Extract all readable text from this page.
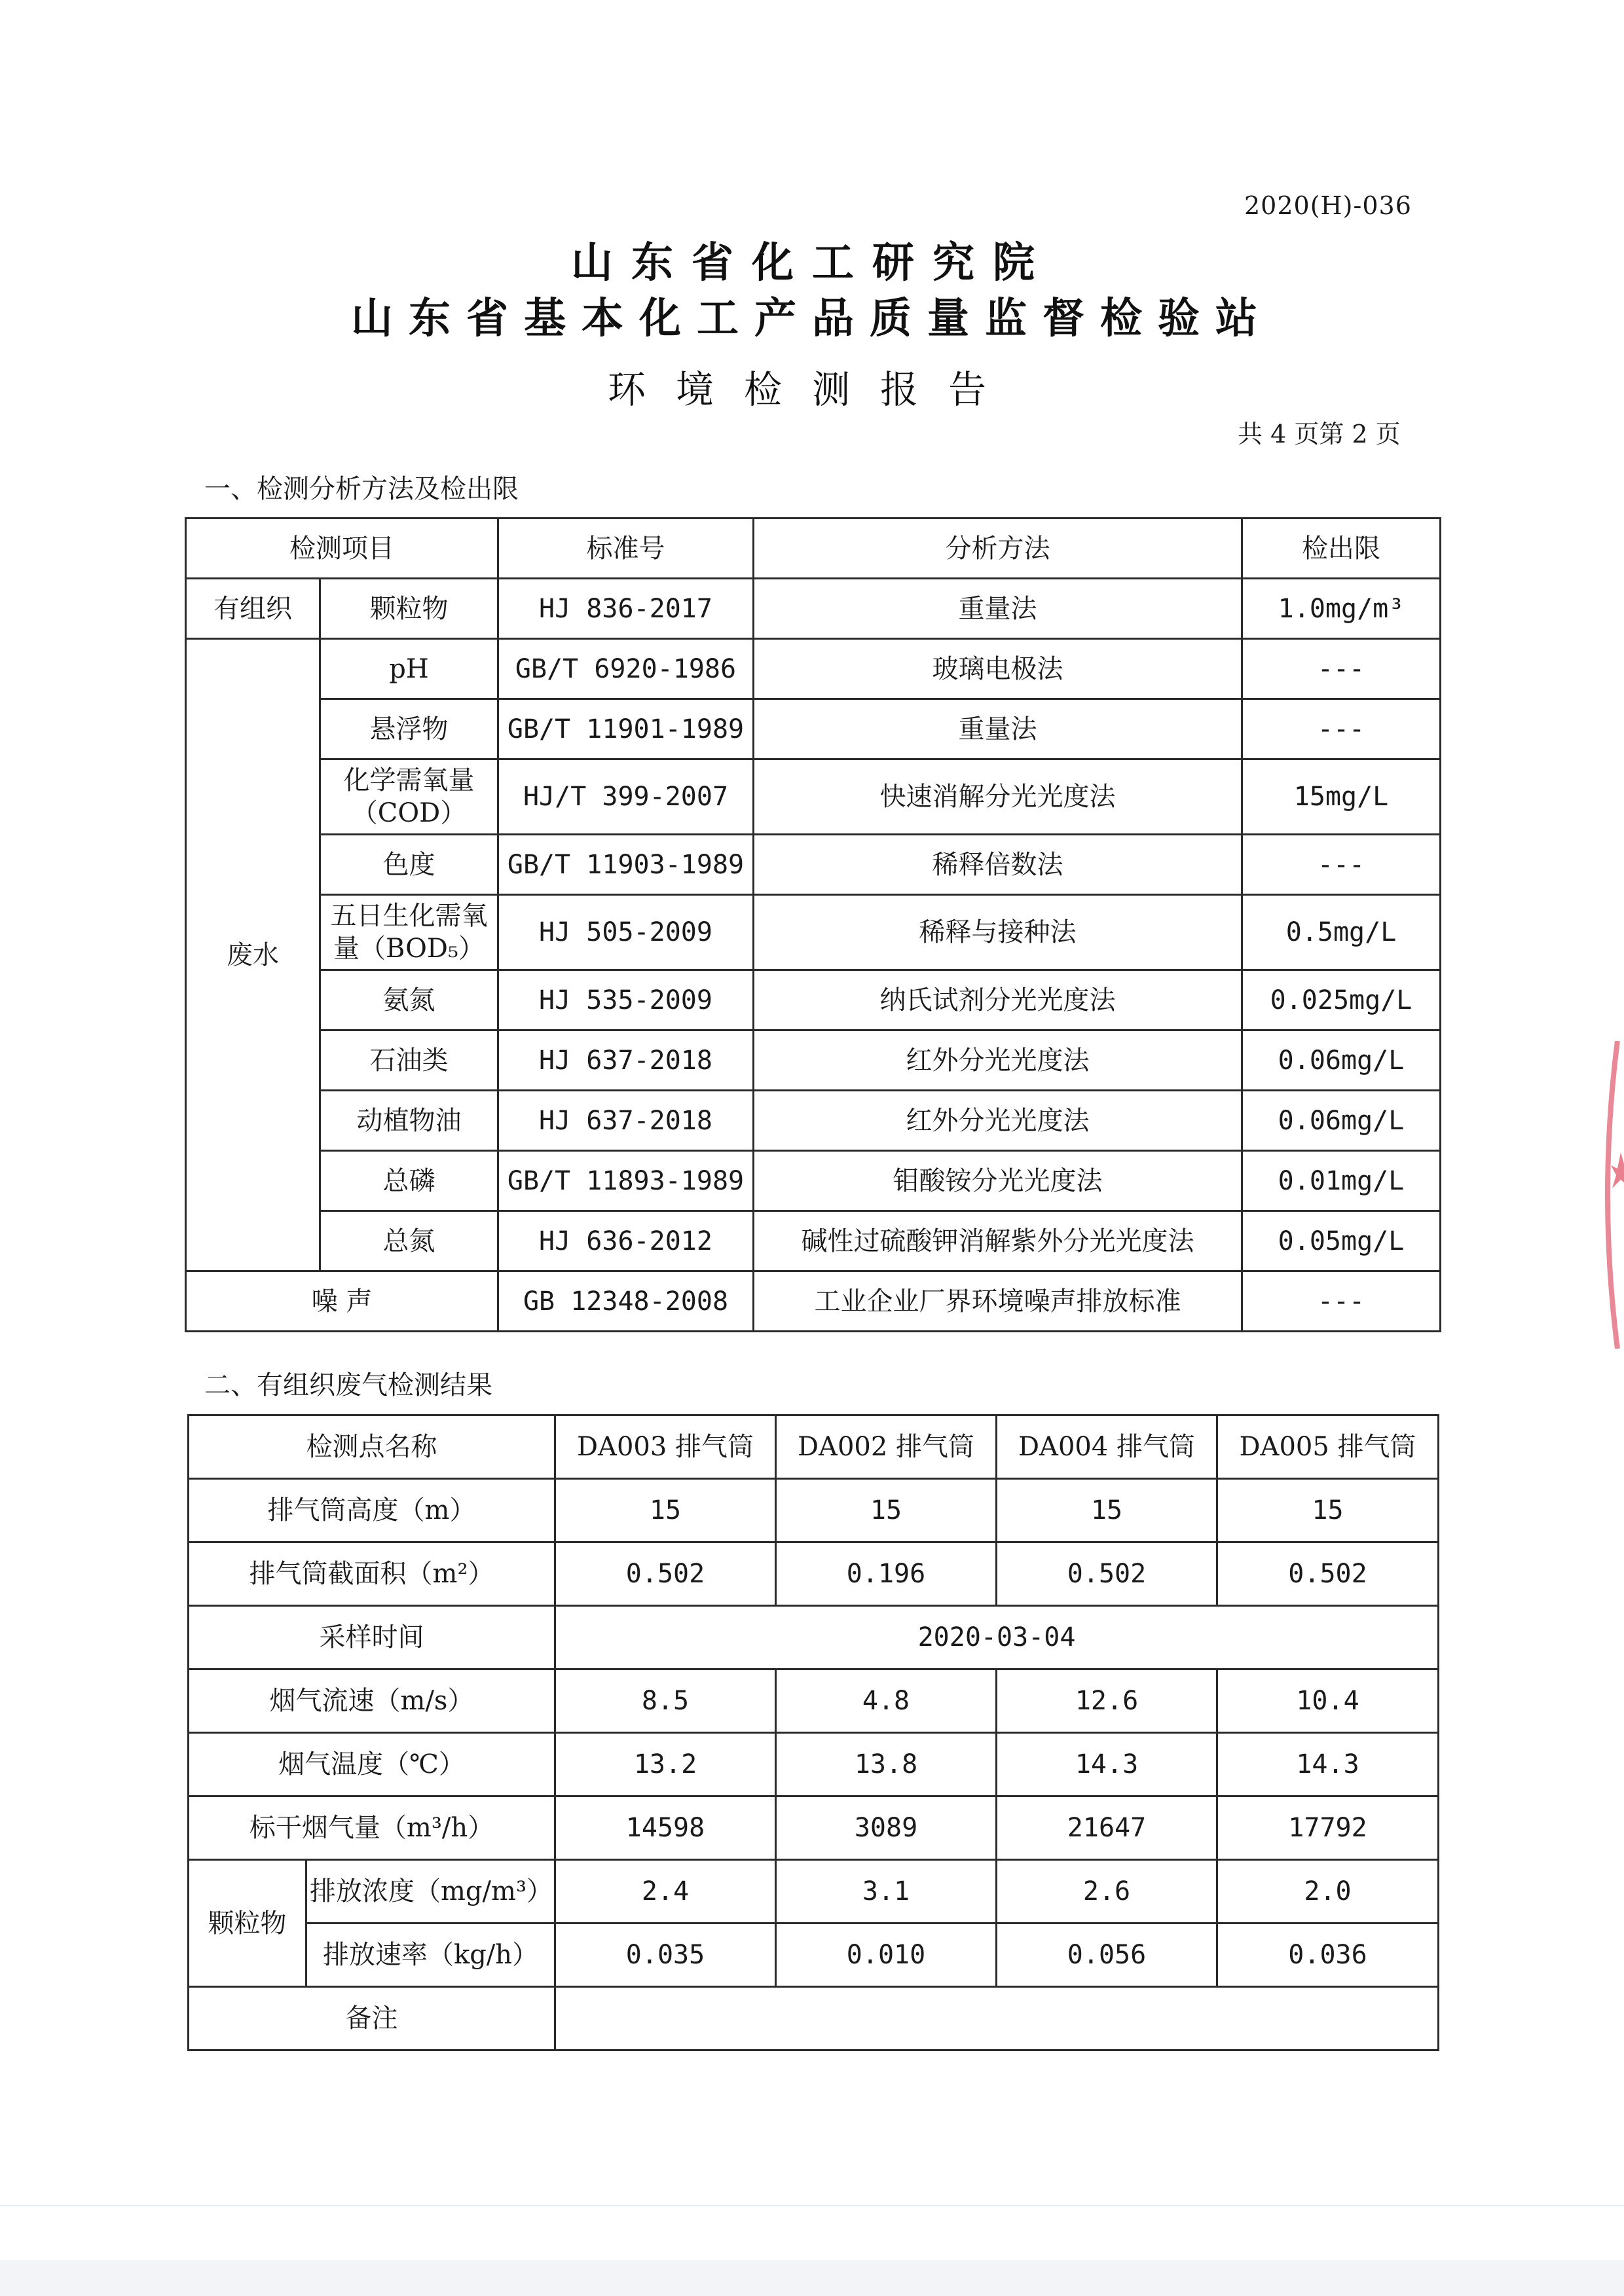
2020(H)-036
山东省化工研究院
山东省基本化工产品质量监督检验站
环境检测报告
共 4 页第 2 页
一、检测分析方法及检出限
检测项目		标准号	分析方法	检出限
有组织	颗粒物	HJ 836-2017	重量法	1.0mg/m³
废水	pH	GB/T 6920-1986	玻璃电极法	---
	悬浮物	GB/T 11901-1989	重量法	---
	化学需氧量（COD）	HJ/T 399-2007	快速消解分光光度法	15mg/L
	色度	GB/T 11903-1989	稀释倍数法	---
	五日生化需氧量（BOD₅）	HJ 505-2009	稀释与接种法	0.5mg/L
	氨氮	HJ 535-2009	纳氏试剂分光光度法	0.025mg/L
	石油类	HJ 637-2018	红外分光光度法	0.06mg/L
	动植物油	HJ 637-2018	红外分光光度法	0.06mg/L
	总磷	GB/T 11893-1989	钼酸铵分光光度法	0.01mg/L
	总氮	HJ 636-2012	碱性过硫酸钾消解紫外分光光度法	0.05mg/L
噪 声		GB 12348-2008	工业企业厂界环境噪声排放标准	---
二、有组织废气检测结果
检测点名称		DA003 排气筒	DA002 排气筒	DA004 排气筒	DA005 排气筒
排气筒高度（m）		15	15	15	15
排气筒截面积（m²）		0.502	0.196	0.502	0.502
采样时间		2020-03-04			
烟气流速（m/s）		8.5	4.8	12.6	10.4
烟气温度（℃）		13.2	13.8	14.3	14.3
标干烟气量（m³/h）		14598	3089	21647	17792
颗粒物	排放浓度（mg/m³）	2.4	3.1	2.6	2.0
	排放速率（kg/h）	0.035	0.010	0.056	0.036
备注					
